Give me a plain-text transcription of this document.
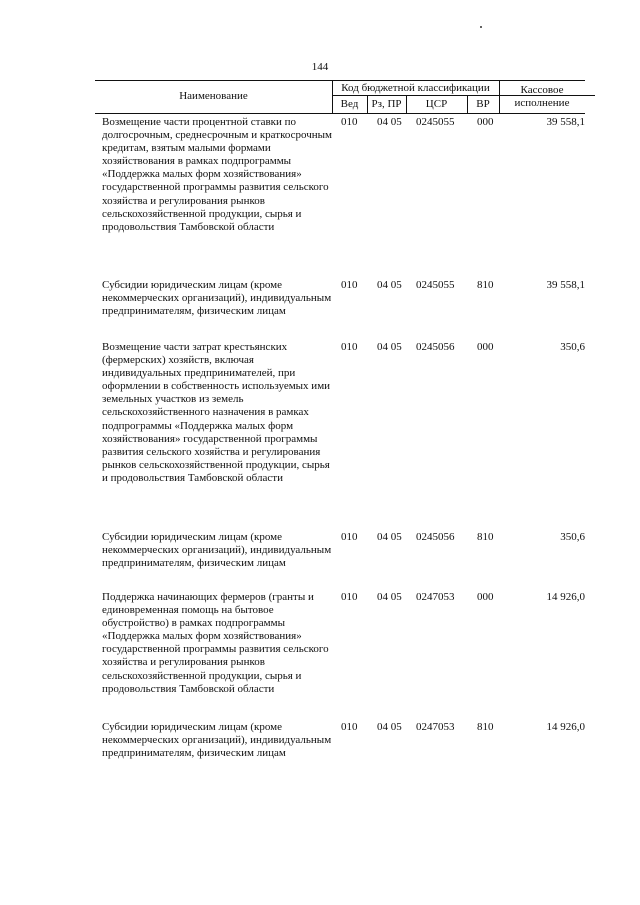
144
Наименование
Код бюджетной классификации
Вед	Рз, ПР	ЦСР	ВР
Кассовое
исполнение
Возмещение части процентной ставки по долгосрочным, среднесрочным и краткосрочным кредитам, взятым малыми формами хозяйствования в рамках подпрограммы «Поддержка малых форм хозяйствования» государственной программы развития сельского хозяйства и регулирования рынков сельскохозяйственной продукции, сырья и продовольствия Тамбовской области
010 04 05 0245055 000	39 558,1
Субсидии юридическим лицам (кроме некоммерческих организаций), индивидуальным предпринимателям, физическим лицам
010 04 05 0245055 810	39 558,1
Возмещение части затрат крестьянских (фермерских) хозяйств, включая индивидуальных предпринимателей, при оформлении в собственность используемых ими земельных участков из земель сельскохозяйственного назначения в рамках подпрограммы «Поддержка малых форм хозяйствования» государственной программы развития сельского хозяйства и регулирования рынков сельскохозяйственной продукции, сырья и продовольствия Тамбовской области
010 04 05 0245056 000	350,6
Субсидии юридическим лицам (кроме некоммерческих организаций), индивидуальным предпринимателям, физическим лицам
010 04 05 0245056 810	350,6
Поддержка начинающих фермеров (гранты и единовременная помощь на бытовое обустройство) в рамках подпрограммы «Поддержка малых форм хозяйствования» государственной программы развития сельского хозяйства и регулирования рынков сельскохозяйственной продукции, сырья и продовольствия Тамбовской области
010 04 05 0247053 000	14 926,0
Субсидии юридическим лицам (кроме некоммерческих организаций), индивидуальным предпринимателям, физическим лицам
010 04 05 0247053 810	14 926,0
